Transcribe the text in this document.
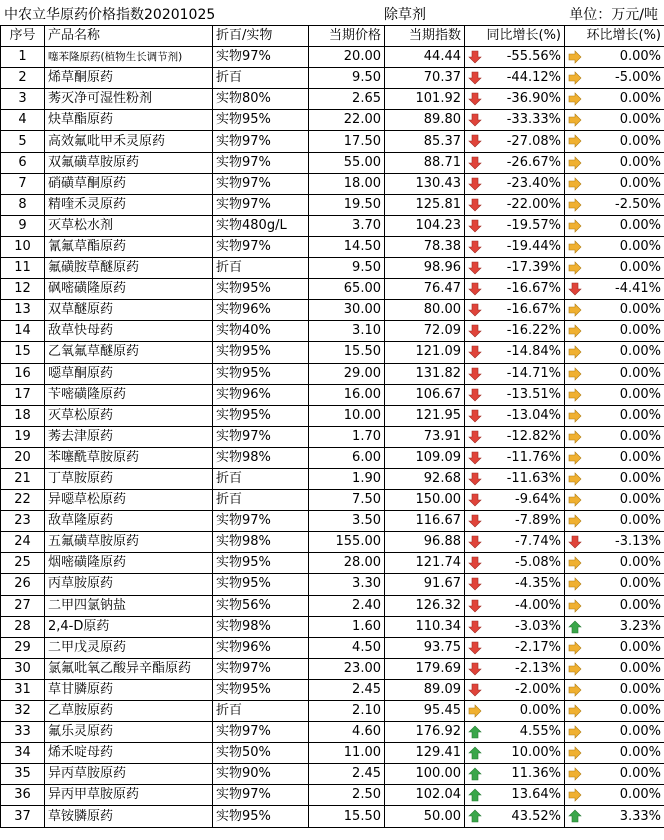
中农立华原药价格指数20201025	除草剂	单位：万元/吨
序号	产品名称	折百/实物	当期价格	当期指数	同比增长(%)	环比增长(%)
1	噻苯隆原药(植物生长调节剂)	实物97%	20.00	44.44	-55.56%	0.00%
2	烯草酮原药	折百	9.50	70.37	-44.12%	-5.00%
3	莠灭净可湿性粉剂	实物80%	2.65	101.92	-36.90%	0.00%
4	炔草酯原药	实物95%	22.00	89.80	-33.33%	0.00%
5	高效氟吡甲禾灵原药	实物97%	17.50	85.37	-27.08%	0.00%
6	双氟磺草胺原药	实物97%	55.00	88.71	-26.67%	0.00%
7	硝磺草酮原药	实物97%	18.00	130.43	-23.40%	0.00%
8	精喹禾灵原药	实物97%	19.50	125.81	-22.00%	-2.50%
9	灭草松水剂	实物480g/L	3.70	104.23	-19.57%	0.00%
10	氰氟草酯原药	实物97%	14.50	78.38	-19.44%	0.00%
11	氟磺胺草醚原药	折百	9.50	98.96	-17.39%	0.00%
12	砜嘧磺隆原药	实物95%	65.00	76.47	-16.67%	-4.41%
13	双草醚原药	实物96%	30.00	80.00	-16.67%	0.00%
14	敌草快母药	实物40%	3.10	72.09	-16.22%	0.00%
15	乙氧氟草醚原药	实物95%	15.50	121.09	-14.84%	0.00%
16	噁草酮原药	实物95%	29.00	131.82	-14.71%	0.00%
17	苄嘧磺隆原药	实物96%	16.00	106.67	-13.51%	0.00%
18	灭草松原药	实物95%	10.00	121.95	-13.04%	0.00%
19	莠去津原药	实物97%	1.70	73.91	-12.82%	0.00%
20	苯噻酰草胺原药	实物98%	6.00	109.09	-11.76%	0.00%
21	丁草胺原药	折百	1.90	92.68	-11.63%	0.00%
22	异噁草松原药	折百	7.50	150.00	-9.64%	0.00%
23	敌草隆原药	实物97%	3.50	116.67	-7.89%	0.00%
24	五氟磺草胺原药	实物98%	155.00	96.88	-7.74%	-3.13%
25	烟嘧磺隆原药	实物95%	28.00	121.74	-5.08%	0.00%
26	丙草胺原药	实物95%	3.30	91.67	-4.35%	0.00%
27	二甲四氯钠盐	实物56%	2.40	126.32	-4.00%	0.00%
28	2,4-D原药	实物98%	1.60	110.34	-3.03%	3.23%
29	二甲戊灵原药	实物96%	4.50	93.75	-2.17%	0.00%
30	氯氟吡氧乙酸异辛酯原药	实物97%	23.00	179.69	-2.13%	0.00%
31	草甘膦原药	实物95%	2.45	89.09	-2.00%	0.00%
32	乙草胺原药	折百	2.10	95.45	0.00%	0.00%
33	氟乐灵原药	实物97%	4.60	176.92	4.55%	0.00%
34	烯禾啶母药	实物50%	11.00	129.41	10.00%	0.00%
35	异丙草胺原药	实物90%	2.45	100.00	11.36%	0.00%
36	异丙甲草胺原药	实物97%	2.50	102.04	13.64%	0.00%
37	草铵膦原药	实物95%	15.50	50.00	43.52%	3.33%
